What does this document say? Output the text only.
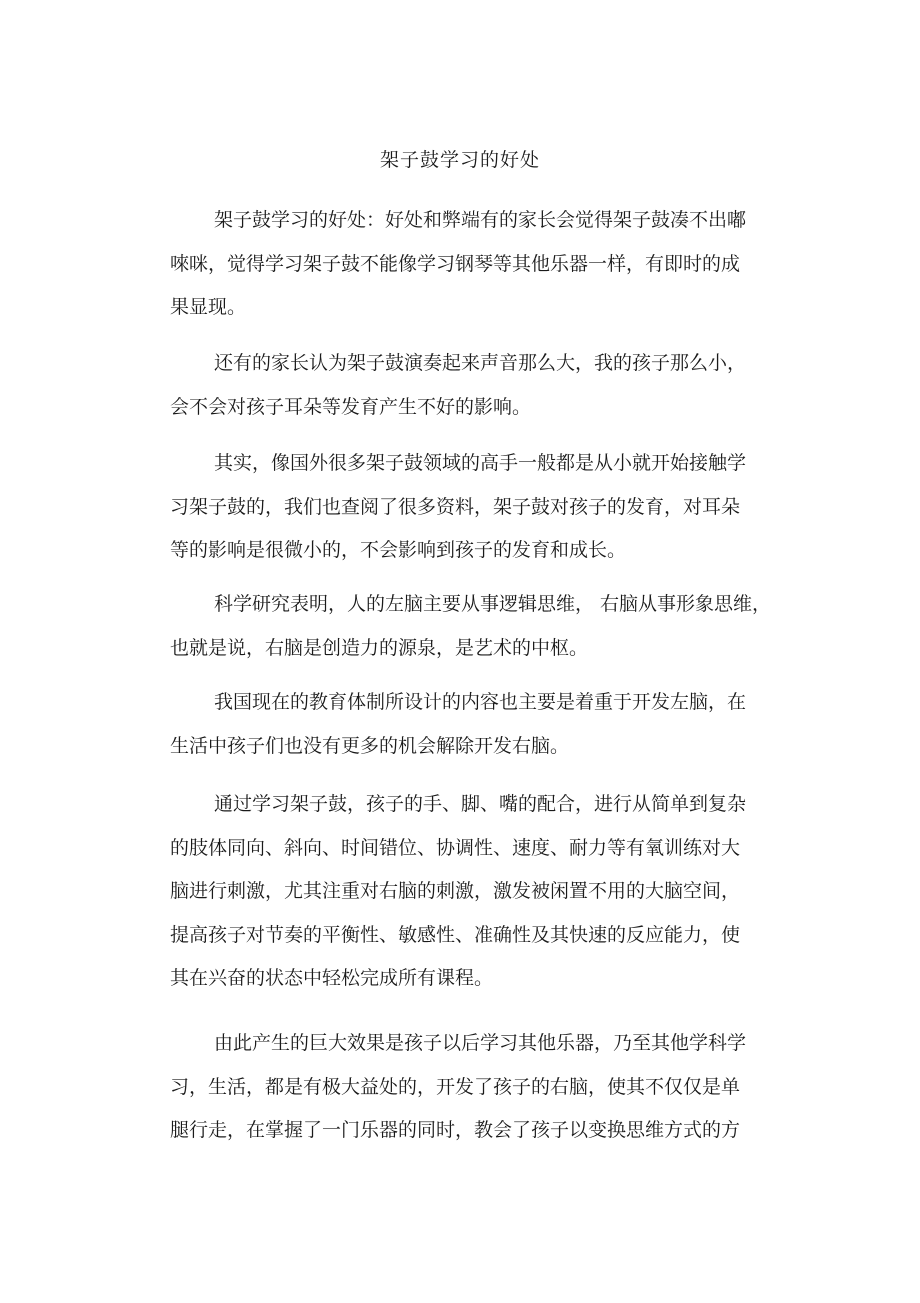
架子鼓学习的好处
架子鼓学习的好处：好处和弊端有的家长会觉得架子鼓凑不出嘟
唻咪，觉得学习架子鼓不能像学习钢琴等其他乐器一样，有即时的成
果显现。
还有的家长认为架子鼓演奏起来声音那么大，我的孩子那么小，
会不会对孩子耳朵等发育产生不好的影响。
其实，像国外很多架子鼓领域的高手一般都是从小就开始接触学
习架子鼓的，我们也查阅了很多资料，架子鼓对孩子的发育，对耳朵
等的影响是很微小的，不会影响到孩子的发育和成长。
科学研究表明，人的左脑主要从事逻辑思维， 右脑从事形象思维，
也就是说，右脑是创造力的源泉，是艺术的中枢。
我国现在的教育体制所设计的内容也主要是着重于开发左脑，在
生活中孩子们也没有更多的机会解除开发右脑。
通过学习架子鼓，孩子的手、脚、嘴的配合，进行从简单到复杂
的肢体同向、斜向、时间错位、协调性、速度、耐力等有氧训练对大
脑进行刺激，尤其注重对右脑的刺激，激发被闲置不用的大脑空间，
提高孩子对节奏的平衡性、敏感性、准确性及其快速的反应能力，使
其在兴奋的状态中轻松完成所有课程。
由此产生的巨大效果是孩子以后学习其他乐器，乃至其他学科学
习，生活，都是有极大益处的，开发了孩子的右脑，使其不仅仅是单
腿行走，在掌握了一门乐器的同时，教会了孩子以变换思维方式的方
